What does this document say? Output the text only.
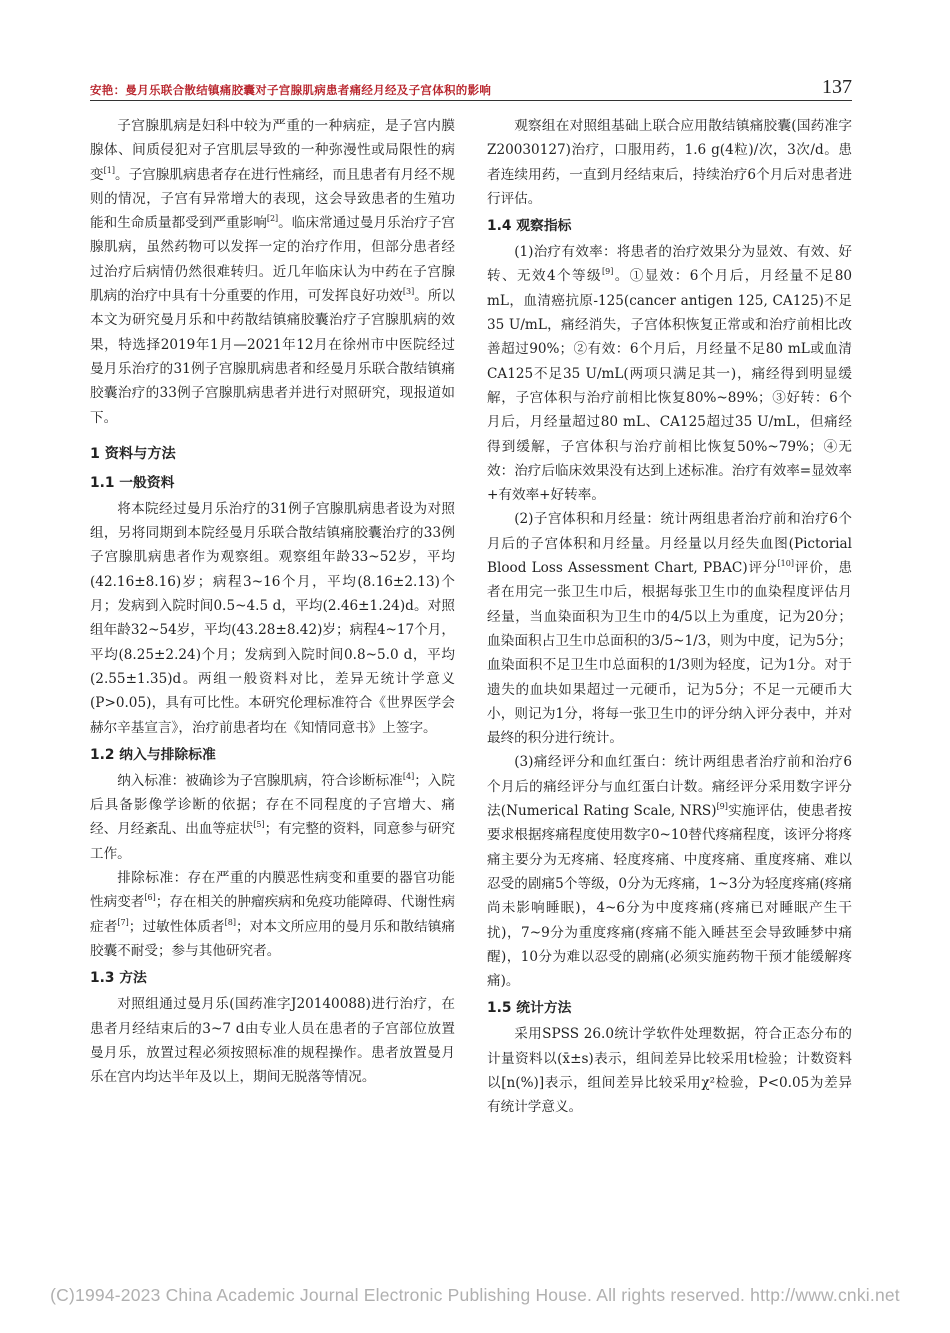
安艳：曼月乐联合散结镇痛胶囊对子宫腺肌病患者痛经月经及子宫体积的影响	137

子宫腺肌病是妇科中较为严重的一种病症，是子宫内膜腺体、间质侵犯对子宫肌层导致的一种弥漫性或局限性的病变[1]。子宫腺肌病患者存在进行性痛经，而且患者有月经不规则的情况，子宫有异常增大的表现，这会导致患者的生殖功能和生命质量都受到严重影响[2]。临床常通过曼月乐治疗子宫腺肌病，虽然药物可以发挥一定的治疗作用，但部分患者经过治疗后病情仍然很难转归。近几年临床认为中药在子宫腺肌病的治疗中具有十分重要的作用，可发挥良好功效[3]。所以本文为研究曼月乐和中药散结镇痛胶囊治疗子宫腺肌病的效果，特选择2019年1月—2021年12月在徐州市中医院经过曼月乐治疗的31例子宫腺肌病患者和经曼月乐联合散结镇痛胶囊治疗的33例子宫腺肌病患者并进行对照研究，现报道如下。

1 资料与方法
1.1 一般资料

将本院经过曼月乐治疗的31例子宫腺肌病患者设为对照组，另将同期到本院经曼月乐联合散结镇痛胶囊治疗的33例子宫腺肌病患者作为观察组。观察组年龄33~52岁，平均(42.16±8.16)岁；病程3~16个月，平均(8.16±2.13)个月；发病到入院时间0.5~4.5 d，平均(2.46±1.24)d。对照组年龄32~54岁，平均(43.28±8.42)岁；病程4~17个月，平均(8.25±2.24)个月；发病到入院时间0.8~5.0 d，平均(2.55±1.35)d。两组一般资料对比，差异无统计学意义(P>0.05)，具有可比性。本研究伦理标准符合《世界医学会赫尔辛基宣言》，治疗前患者均在《知情同意书》上签字。

1.2 纳入与排除标准

纳入标准：被确诊为子宫腺肌病，符合诊断标准[4]；入院后具备影像学诊断的依据；存在不同程度的子宫增大、痛经、月经紊乱、出血等症状[5]；有完整的资料，同意参与研究工作。

排除标准：存在严重的内膜恶性病变和重要的器官功能性病变者[6]；存在相关的肿瘤疾病和免疫功能障碍、代谢性病症者[7]；过敏性体质者[8]；对本文所应用的曼月乐和散结镇痛胶囊不耐受；参与其他研究者。

1.3 方法

对照组通过曼月乐(国药准字J20140088)进行治疗，在患者月经结束后的3~7 d由专业人员在患者的子宫部位放置曼月乐，放置过程必须按照标准的规程操作。患者放置曼月乐在宫内均达半年及以上，期间无脱落等情况。

观察组在对照组基础上联合应用散结镇痛胶囊(国药准字Z20030127)治疗，口服用药，1.6 g(4粒)/次，3次/d。患者连续用药，一直到月经结束后，持续治疗6个月后对患者进行评估。

1.4 观察指标

(1)治疗有效率：将患者的治疗效果分为显效、有效、好转、无效4个等级[9]。①显效：6个月后，月经量不足80 mL，血清癌抗原-125(cancer antigen 125, CA125)不足35 U/mL，痛经消失，子宫体积恢复正常或和治疗前相比改善超过90%；②有效：6个月后，月经量不足80 mL或血清CA125不足35 U/mL(两项只满足其一)，痛经得到明显缓解，子宫体积与治疗前相比恢复80%~89%；③好转：6个月后，月经量超过80 mL、CA125超过35 U/mL，但痛经得到缓解，子宫体积与治疗前相比恢复50%~79%；④无效：治疗后临床效果没有达到上述标准。治疗有效率=显效率+有效率+好转率。

(2)子宫体积和月经量：统计两组患者治疗前和治疗6个月后的子宫体积和月经量。月经量以月经失血图(Pictorial Blood Loss Assessment Chart, PBAC)评分[10]评价，患者在用完一张卫生巾后，根据每张卫生巾的血染程度评估月经量，当血染面积为卫生巾的4/5以上为重度，记为20分；血染面积占卫生巾总面积的3/5~1/3，则为中度，记为5分；血染面积不足卫生巾总面积的1/3则为轻度，记为1分。对于遗失的血块如果超过一元硬币，记为5分；不足一元硬币大小，则记为1分，将每一张卫生巾的评分纳入评分表中，并对最终的积分进行统计。

(3)痛经评分和血红蛋白：统计两组患者治疗前和治疗6个月后的痛经评分与血红蛋白计数。痛经评分采用数字评分法(Numerical Rating Scale, NRS)[9]实施评估，使患者按要求根据疼痛程度使用数字0~10替代疼痛程度，该评分将疼痛主要分为无疼痛、轻度疼痛、中度疼痛、重度疼痛、难以忍受的剧痛5个等级，0分为无疼痛，1~3分为轻度疼痛(疼痛尚未影响睡眠)，4~6分为中度疼痛(疼痛已对睡眠产生干扰)，7~9分为重度疼痛(疼痛不能入睡甚至会导致睡梦中痛醒)，10分为难以忍受的剧痛(必须实施药物干预才能缓解疼痛)。

1.5 统计方法

采用SPSS 26.0统计学软件处理数据，符合正态分布的计量资料以(x̄±s)表示，组间差异比较采用t检验；计数资料以[n(%)]表示，组间差异比较采用χ²检验，P<0.05为差异有统计学意义。

(C)1994-2023 China Academic Journal Electronic Publishing House. All rights reserved. http://www.cnki.net
